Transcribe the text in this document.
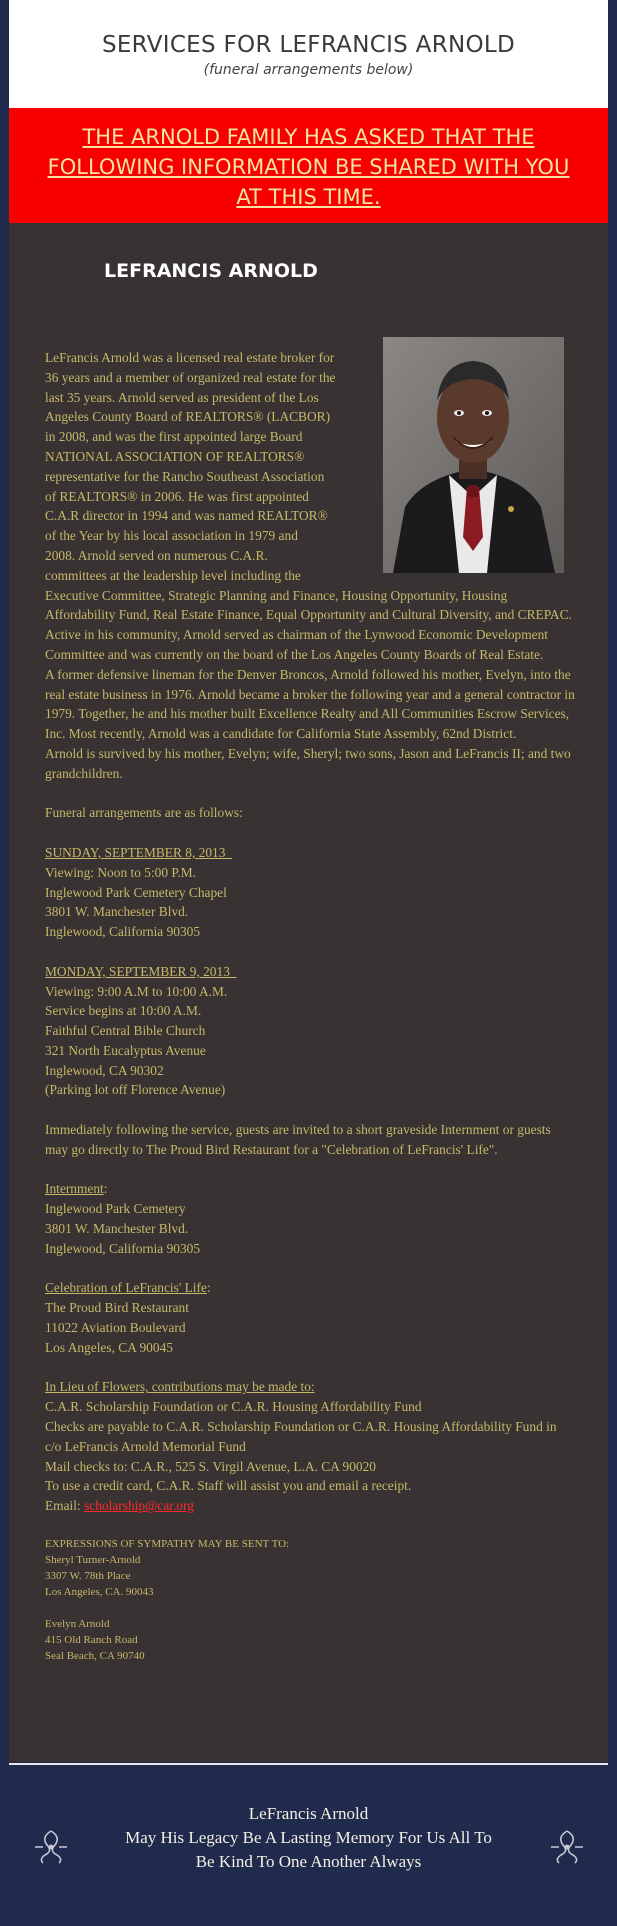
SERVICES FOR LEFRANCIS ARNOLD
(funeral arrangements below)
THE ARNOLD FAMILY HAS ASKED THAT THE
FOLLOWING INFORMATION BE SHARED WITH YOU
AT THIS TIME.
LEFRANCIS ARNOLD
LeFrancis Arnold was a licensed real estate broker for
36 years and a member of organized real estate for the
last 35 years. Arnold served as president of the Los
Angeles County Board of REALTORS® (LACBOR)
in 2008, and was the first appointed large Board
NATIONAL ASSOCIATION OF REALTORS®
representative for the Rancho Southeast Association
of REALTORS® in 2006. He was first appointed
C.A.R director in 1994 and was named REALTOR®
of the Year by his local association in 1979 and
2008. Arnold served on numerous C.A.R.
committees at the leadership level including the

Executive Committee, Strategic Planning and Finance, Housing Opportunity, Housing Affordability Fund, Real Estate Finance, Equal Opportunity and Cultural Diversity, and CREPAC. Active in his community, Arnold served as chairman of the Lynwood Economic Development Committee and was currently on the board of the Los Angeles County Boards of Real Estate.

A former defensive lineman for the Denver Broncos, Arnold followed his mother, Evelyn, into the real estate business in 1976. Arnold became a broker the following year and a general contractor in 1979. Together, he and his mother built Excellence Realty and All Communities Escrow Services, Inc. Most recently, Arnold was a candidate for California State Assembly, 62nd District.

Arnold is survived by his mother, Evelyn; wife, Sheryl; two sons, Jason and LeFrancis II; and two grandchildren.

Funeral arrangements are as follows:

SUNDAY, SEPTEMBER 8, 2013

Viewing: Noon to 5:00 P.M.

Inglewood Park Cemetery Chapel

3801 W. Manchester Blvd.

Inglewood, California 90305

MONDAY, SEPTEMBER 9, 2013

Viewing: 9:00 A.M to 10:00 A.M.

Service begins at 10:00 A.M.

Faithful Central Bible Church

321 North Eucalyptus Avenue

Inglewood, CA 90302

(Parking lot off Florence Avenue)

Immediately following the service, guests are invited to a short graveside Internment or guests may go directly to The Proud Bird Restaurant for a "Celebration of LeFrancis' Life".

Internment:

Inglewood Park Cemetery

3801 W. Manchester Blvd.

Inglewood, California 90305

Celebration of LeFrancis' Life:

The Proud Bird Restaurant

11022 Aviation Boulevard

Los Angeles, CA 90045

In Lieu of Flowers, contributions may be made to:

C.A.R. Scholarship Foundation or C.A.R. Housing Affordability Fund

Checks are payable to C.A.R. Scholarship Foundation or C.A.R. Housing Affordability Fund in c/o LeFrancis Arnold Memorial Fund

Mail checks to: C.A.R., 525 S. Virgil Avenue, L.A. CA 90020

To use a credit card, C.A.R. Staff will assist you and email a receipt.

Email: scholarship@car.org

EXPRESSIONS OF SYMPATHY MAY BE SENT TO:
Sheryl Turner-Arnold
3307 W. 78th Place
Los Angeles, CA. 90043

Evelyn Arnold
415 Old Ranch Road
Seal Beach, CA 90740
LeFrancis Arnold
May His Legacy Be A Lasting Memory For Us All To
Be Kind To One Another Always
